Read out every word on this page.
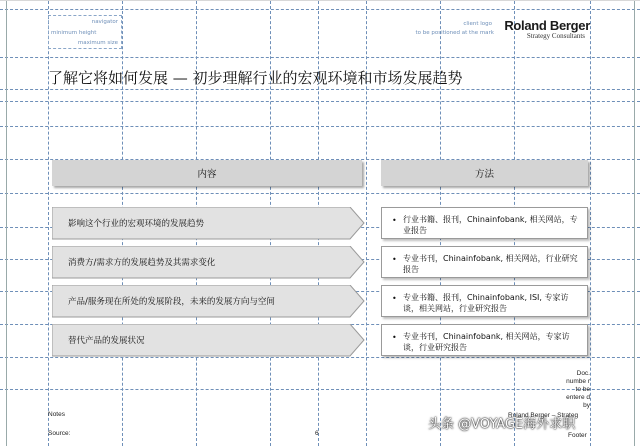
navigator
minimum height
maximum size
client logo
to be positioned at the mark Roland Berger
Strategy Consultants
了解它将如何发展 — 初步理解行业的宏观环境和市场发展趋势
内容	方法
影响这个行业的宏观环境的发展趋势
消费方/需求方的发展趋势及其需求变化
产品/服务现在所处的发展阶段，未来的发展方向与空间
替代产品的发展状况
• 行业书籍、报刊，Chinainfobank, 相关网站，专业报告
• 专业书刊，Chinainfobank, 相关网站，行业研究报告
• 专业书籍、报刊，Chinainfobank, ISI, 专家访谈，相关网站，行业研究报告
• 专业书刊，Chinainfobank, 相关网站，专家访谈，行业研究报告
Doc. numbe r to be entere d by
Notes
Source:	6
Roland Berger – Strateg
Footer
头条 @VOYAGE海外求职
